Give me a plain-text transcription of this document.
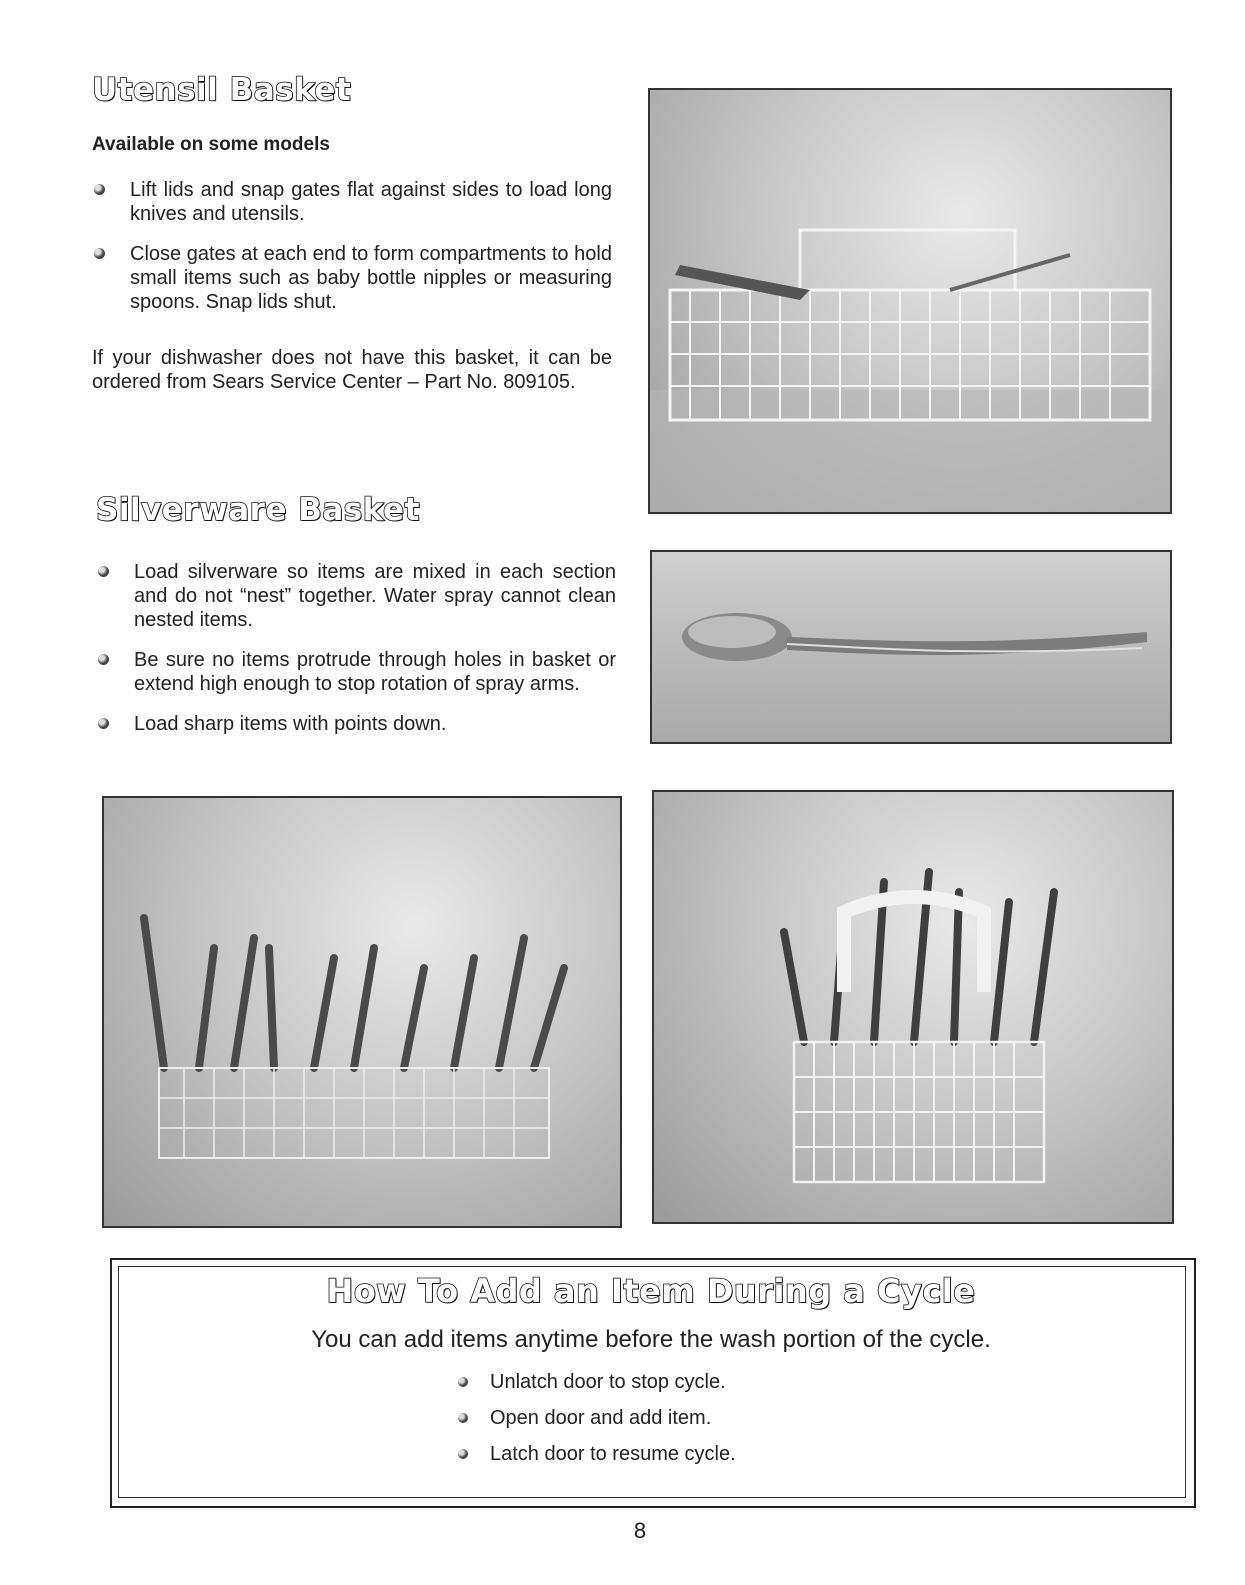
Utensil Basket
Available on some models
Lift lids and snap gates flat against sides to load long knives and utensils.
Close gates at each end to form compartments to hold small items such as baby bottle nipples or measuring spoons. Snap lids shut.
If your dishwasher does not have this basket, it can be ordered from Sears Service Center – Part No. 809105.
Silverware Basket
Load silverware so items are mixed in each section and do not “nest” together. Water spray cannot clean nested items.
Be sure no items protrude through holes in basket or extend high enough to stop rotation of spray arms.
Load sharp items with points down.
How To Add an Item During a Cycle
You can add items anytime before the wash portion of the cycle.
Unlatch door to stop cycle.
Open door and add item.
Latch door to resume cycle.
8
